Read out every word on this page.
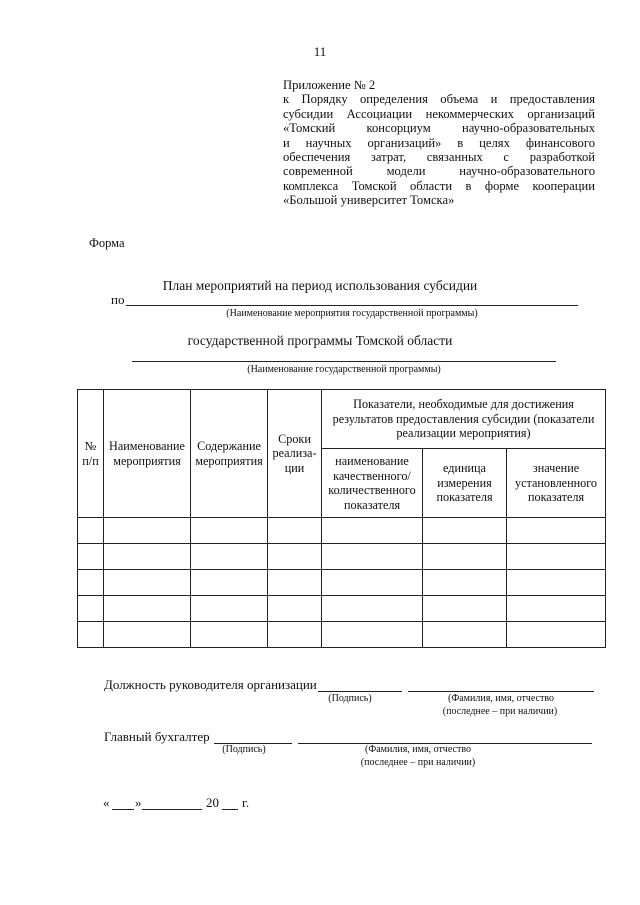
11
Приложение № 2
к Порядку определения объема и предоставления
субсидии Ассоциации некоммерческих организаций
«Томский консорциум научно-образовательных
и научных организаций» в целях финансового
обеспечения затрат, связанных с разработкой
современной модели научно-образовательного
комплекса Томской области в форме кооперации
«Большой университет Томска»
Форма
План мероприятий на период использования субсидии
по
(Наименование мероприятия государственной программы)
государственной программы Томской области
(Наименование государственной программы)
№ п/п	Наименование мероприятия	Содержание мероприятия	Сроки реализа-ции	Показатели, необходимые для достижения результатов предоставления субсидии (показатели реализации мероприятия)		
				наименование качественного/ количественного показателя	единица измерения показателя	значение установленного показателя

Должность руководителя организации
(Подпись)	(Фамилия, имя, отчество
(последнее – при наличии)
Главный бухгалтер
(Подпись)	(Фамилия, имя, отчество
(последнее – при наличии)
« »	20 г.
